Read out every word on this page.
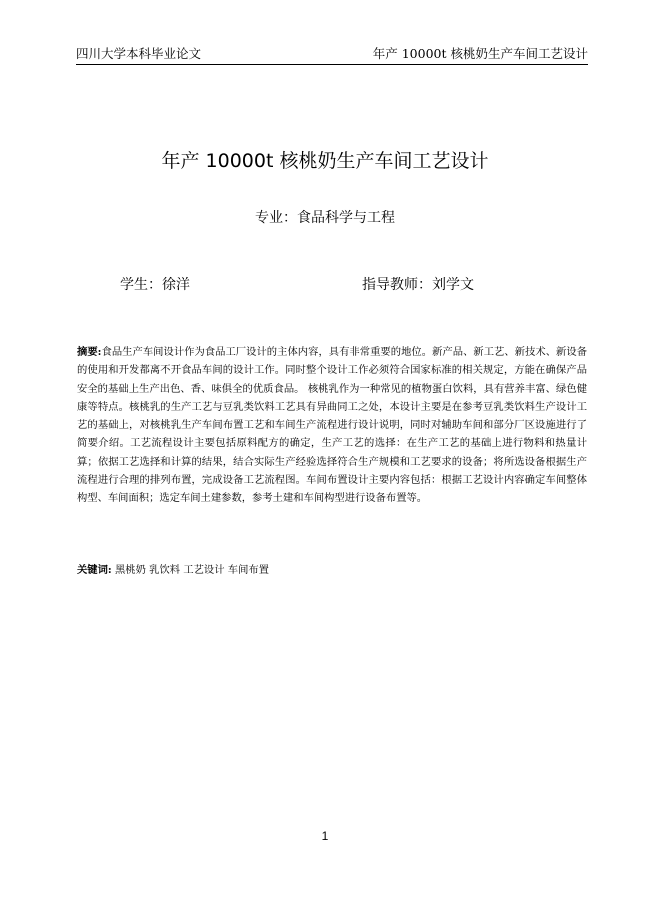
四川大学本科毕业论文	年产 10000t 核桃奶生产车间工艺设计
年产 10000t 核桃奶生产车间工艺设计
专业：食品科学与工程
学生：徐洋	指导教师：刘学文
摘要:食品生产车间设计作为食品工厂设计的主体内容，具有非常重要的地位。新产品、新工艺、新技术、新设备的使用和开发都离不开食品车间的设计工作。同时整个设计工作必须符合国家标准的相关规定，方能在确保产品安全的基础上生产出色、香、味俱全的优质食品。 核桃乳作为一种常见的植物蛋白饮料，具有营养丰富、绿色健康等特点。核桃乳的生产工艺与豆乳类饮料工艺具有异曲同工之处，本设计主要是在参考豆乳类饮料生产设计工艺的基础上，对核桃乳生产车间布置工艺和车间生产流程进行设计说明，同时对辅助车间和部分厂区设施进行了简要介绍。工艺流程设计主要包括原料配方的确定，生产工艺的选择：在生产工艺的基础上进行物料和热量计算；依据工艺选择和计算的结果，结合实际生产经验选择符合生产规模和工艺要求的设备；将所选设备根据生产流程进行合理的排列布置，完成设备工艺流程图。车间布置设计主要内容包括：根据工艺设计内容确定车间整体构型、车间面积；选定车间土建参数，参考土建和车间构型进行设备布置等。
关键词: 黑桃奶 乳饮料 工艺设计 车间布置
1
